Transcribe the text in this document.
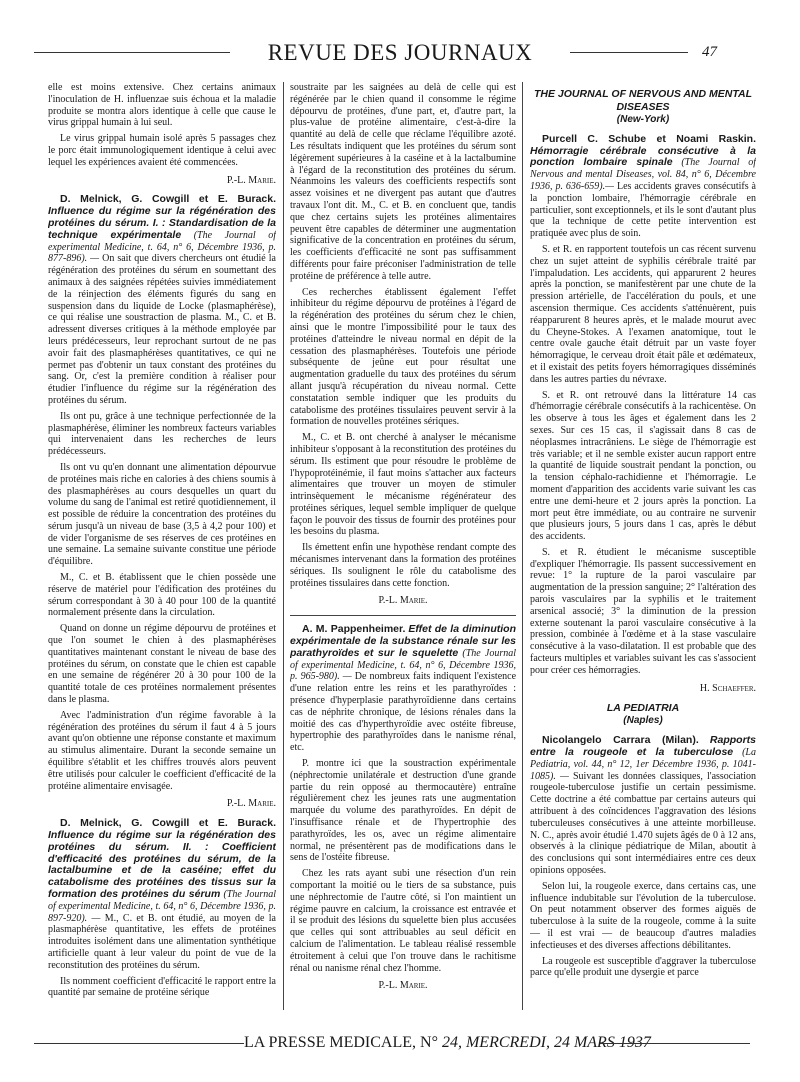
REVUE DES JOURNAUX	47

elle est moins extensive. Chez certains animaux l'inoculation de H. influenzae suis échoua et la maladie produite se montra alors identique à celle que cause le virus grippal humain à lui seul.

Le virus grippal humain isolé après 5 passages chez le porc était immunologiquement identique à celui avec lequel les expériences avaient été commencées.

P.-L. Marie.

D. Melnick, G. Cowgill et E. Burack. Influence du régime sur la régénération des protéines du sérum. I. : Standardisation de la technique expérimentale (The Journal of experimental Medicine, t. 64, n° 6, Décembre 1936, p. 877-896). — On sait que divers chercheurs ont étudié la régénération des protéines du sérum en soumettant des animaux à des saignées répétées suivies immédiatement de la réinjection des éléments figurés du sang en suspension dans du liquide de Locke (plasmaphérèse), ce qui réalise une soustraction de plasma. M., C. et B. adressent diverses critiques à la méthode employée par leurs prédécesseurs, leur reprochant surtout de ne pas avoir fait des plasmaphérèses quantitatives, ce qui ne permet pas d'obtenir un taux constant des protéines du sang. Or, c'est la première condition à réaliser pour étudier l'influence du régime sur la régénération des protéines du sérum.

Ils ont pu, grâce à une technique perfectionnée de la plasmaphérèse, éliminer les nombreux facteurs variables qui intervenaient dans les recherches de leurs prédécesseurs.

Ils ont vu qu'en donnant une alimentation dépourvue de protéines mais riche en calories à des chiens soumis à des plasmaphérèses au cours desquelles un quart du volume du sang de l'animal est retiré quotidiennement, il est possible de réduire la concentration des protéines du sérum jusqu'à un niveau de base (3,5 à 4,2 pour 100) et de vider l'organisme de ses réserves de ces protéines en une semaine. La semaine suivante constitue une période d'équilibre.

M., C. et B. établissent que le chien possède une réserve de matériel pour l'édification des protéines du sérum correspondant à 30 à 40 pour 100 de la quantité normalement présente dans la circulation.

Quand on donne un régime dépourvu de protéines et que l'on soumet le chien à des plasmaphérèses quantitatives maintenant constant le niveau de base des protéines du sérum, on constate que le chien est capable en une semaine de régénérer 20 à 30 pour 100 de la quantité totale de ces protéines normalement présentes dans le plasma.

Avec l'administration d'un régime favorable à la régénération des protéines du sérum il faut 4 à 5 jours avant qu'on obtienne une réponse constante et maximum au stimulus alimentaire. Durant la seconde semaine un équilibre s'établit et les chiffres trouvés alors peuvent être utilisés pour calculer le coefficient d'efficacité de la protéine alimentaire envisagée.

P.-L. Marie.

D. Melnick, G. Cowgill et E. Burack. Influence du régime sur la régénération des protéines du sérum. II. : Coefficient d'efficacité des protéines du sérum, de la lactalbumine et de la caséine; effet du catabolisme des protéines des tissus sur la formation des protéines du sérum (The Journal of experimental Medicine, t. 64, n° 6, Décembre 1936, p. 897-920). — M., C. et B. ont étudié, au moyen de la plasmaphérèse quantitative, les effets de protéines introduites isolément dans une alimentation synthétique artificielle quant à leur valeur du point de vue de la reconstitution des protéines du sérum.

Ils nomment coefficient d'efficacité le rapport entre la quantité par semaine de protéine sérique

soustraite par les saignées au delà de celle qui est régénérée par le chien quand il consomme le régime dépourvu de protéines, d'une part, et, d'autre part, la plus-value de protéine alimentaire, c'est-à-dire la quantité au delà de celle que réclame l'équilibre azoté. Les résultats indiquent que les protéines du sérum sont légèrement supérieures à la caséine et à la lactalbumine à l'égard de la reconstitution des protéines du sérum. Néanmoins les valeurs des coefficients respectifs sont assez voisines et ne divergent pas autant que d'autres travaux l'ont dit. M., C. et B. en concluent que, tandis que chez certains sujets les protéines alimentaires peuvent être capables de déterminer une augmentation significative de la concentration en protéines du sérum, les coefficients d'efficacité ne sont pas suffisamment différents pour faire préconiser l'administration de telle protéine de préférence à telle autre.

Ces recherches établissent également l'effet inhibiteur du régime dépourvu de protéines à l'égard de la régénération des protéines du sérum chez le chien, ainsi que le montre l'impossibilité pour le taux des protéines d'atteindre le niveau normal en dépit de la cessation des plasmaphérèses. Toutefois une période subséquente de jeûne eut pour résultat une augmentation graduelle du taux des protéines du sérum allant jusqu'à récupération du niveau normal. Cette constatation semble indiquer que les produits du catabolisme des protéines tissulaires peuvent servir à la formation de nouvelles protéines sériques.

M., C. et B. ont cherché à analyser le mécanisme inhibiteur s'opposant à la reconstitution des protéines du sérum. Ils estiment que pour résoudre le problème de l'hypoprotéinémie, il faut moins s'attacher aux facteurs alimentaires que trouver un moyen de stimuler intrinsèquement le mécanisme régénérateur des protéines sériques, lequel semble impliquer de quelque façon le pouvoir des tissus de fournir des protéines pour les besoins du plasma.

Ils émettent enfin une hypothèse rendant compte des mécanismes intervenant dans la formation des protéines sériques. Ils soulignent le rôle du catabolisme des protéines tissulaires dans cette fonction.

P.-L. Marie.

A. M. Pappenheimer. Effet de la diminution expérimentale de la substance rénale sur les parathyroïdes et sur le squelette (The Journal of experimental Medicine, t. 64, n° 6, Décembre 1936, p. 965-980). — De nombreux faits indiquent l'existence d'une relation entre les reins et les parathyroïdes : présence d'hyperplasie parathyroïdienne dans certains cas de néphrite chronique, de lésions rénales dans la moitié des cas d'hyperthyroïdie avec ostéite fibreuse, hypertrophie des parathyroïdes dans le nanisme rénal, etc.

P. montre ici que la soustraction expérimentale (néphrectomie unilatérale et destruction d'une grande partie du rein opposé au thermocautère) entraîne régulièrement chez les jeunes rats une augmentation marquée du volume des parathyroïdes. En dépit de l'insuffisance rénale et de l'hypertrophie des parathyroïdes, les os, avec un régime alimentaire normal, ne présentèrent pas de modifications dans le sens de l'ostéite fibreuse.

Chez les rats ayant subi une résection d'un rein comportant la moitié ou le tiers de sa substance, puis une néphrectomie de l'autre côté, si l'on maintient un régime pauvre en calcium, la croissance est entravée et il se produit des lésions du squelette bien plus accusées que celles qui sont attribuables au seul déficit en calcium de l'alimentation. Le tableau réalisé ressemble étroitement à celui que l'on trouve dans le rachitisme rénal ou nanisme rénal chez l'homme.

P.-L. Marie.

THE JOURNAL OF NERVOUS AND MENTAL DISEASES

(New-York)

Purcell C. Schube et Noami Raskin. Hémorragie cérébrale consécutive à la ponction lombaire spinale (The Journal of Nervous and mental Diseases, vol. 84, n° 6, Décembre 1936, p. 636-659).— Les accidents graves consécutifs à la ponction lombaire, l'hémorragie cérébrale en particulier, sont exceptionnels, et ils le sont d'autant plus que la technique de cette petite intervention est pratiquée avec plus de soin.

S. et R. en rapportent toutefois un cas récent survenu chez un sujet atteint de syphilis cérébrale traité par l'impaludation. Les accidents, qui apparurent 2 heures après la ponction, se manifestèrent par une chute de la pression artérielle, de l'accélération du pouls, et une ascension thermique. Ces accidents s'atténuèrent, puis réapparurent 8 heures après, et le malade mourut avec du Cheyne-Stokes. A l'examen anatomique, tout le centre ovale gauche était détruit par un vaste foyer hémorragique, le cerveau droit était pâle et œdémateux, et il existait des petits foyers hémorragiques disséminés dans les autres parties du névraxe.

S. et R. ont retrouvé dans la littérature 14 cas d'hémorragie cérébrale consécutifs à la rachicentèse. On les observe à tous les âges et également dans les 2 sexes. Sur ces 15 cas, il s'agissait dans 8 cas de néoplasmes intracrâniens. Le siège de l'hémorragie est très variable; et il ne semble exister aucun rapport entre la quantité de liquide soustrait pendant la ponction, ou la tension céphalo-rachidienne et l'hémorragie. Le moment d'apparition des accidents varie suivant les cas entre une demi-heure et 2 jours après la ponction. La mort peut être immédiate, ou au contraire ne survenir que plusieurs jours, 5 jours dans 1 cas, après le début des accidents.

S. et R. étudient le mécanisme susceptible d'expliquer l'hémorragie. Ils passent successivement en revue: 1° la rupture de la paroi vasculaire par augmentation de la pression sanguine; 2° l'altération des parois vasculaires par la syphilis et le traitement arsenical associé; 3° la diminution de la pression externe soutenant la paroi vasculaire consécutive à la pression, combinée à l'œdème et à la stase vasculaire consécutive à la vaso-dilatation. Il est probable que des facteurs multiples et variables suivant les cas s'associent pour créer ces hémorragies.

H. Schaeffer.

LA PEDIATRIA

(Naples)

Nicolangelo Carrara (Milan). Rapports entre la rougeole et la tuberculose (La Pediatria, vol. 44, n° 12, 1er Décembre 1936, p. 1041-1085). — Suivant les données classiques, l'association rougeole-tuberculose justifie un certain pessimisme. Cette doctrine a été combattue par certains auteurs qui attribuent à des coïncidences l'aggravation des lésions tuberculeuses consécutives à une atteinte morbilleuse. N. C., après avoir étudié 1.470 sujets âgés de 0 à 12 ans, observés à la clinique pédiatrique de Milan, aboutit à des conclusions qui sont intermédiaires entre ces deux opinions opposées.

Selon lui, la rougeole exerce, dans certains cas, une influence indubitable sur l'évolution de la tuberculose. On peut notamment observer des formes aiguës de tuberculose à la suite de la rougeole, comme à la suite — il est vrai — de beaucoup d'autres maladies infectieuses et des diverses affections débilitantes.

La rougeole est susceptible d'aggraver la tuberculose parce qu'elle produit une dysergie et parce

LA PRESSE MEDICALE, N° 24, MERCREDI, 24 MARS 1937
